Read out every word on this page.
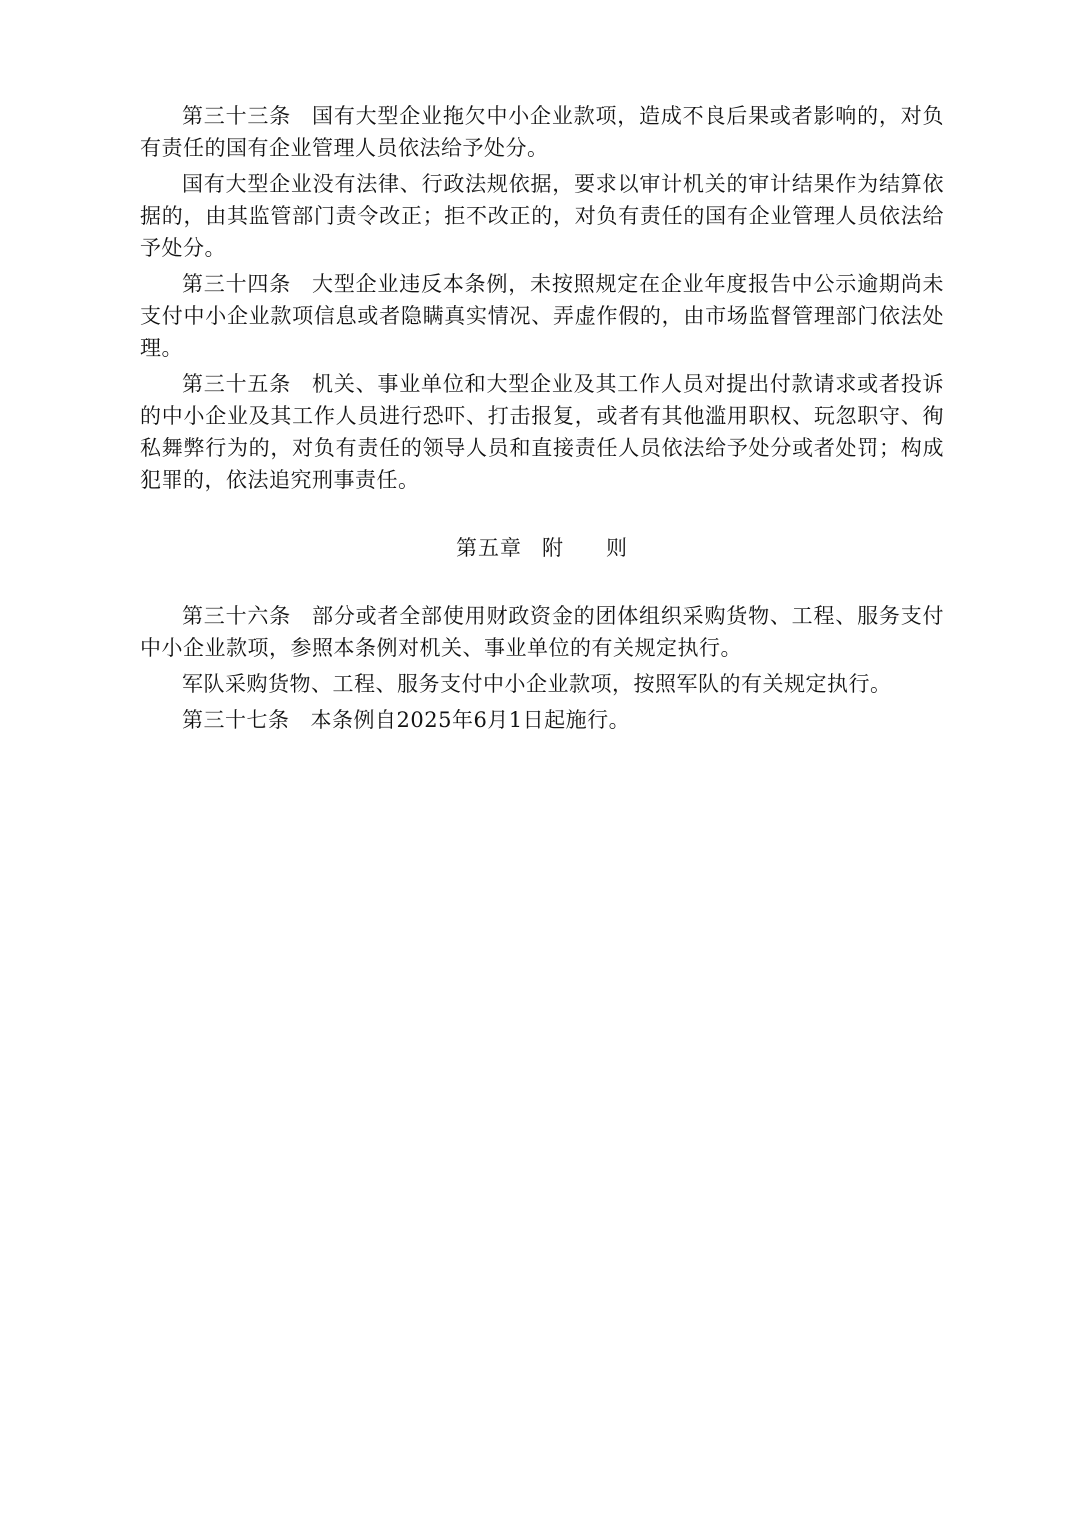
第三十三条 国有大型企业拖欠中小企业款项，造成不良后果或者影响的，对负有责任的国有企业管理人员依法给予处分。

国有大型企业没有法律、行政法规依据，要求以审计机关的审计结果作为结算依据的，由其监管部门责令改正；拒不改正的，对负有责任的国有企业管理人员依法给予处分。

第三十四条 大型企业违反本条例，未按照规定在企业年度报告中公示逾期尚未支付中小企业款项信息或者隐瞒真实情况、弄虚作假的，由市场监督管理部门依法处理。

第三十五条 机关、事业单位和大型企业及其工作人员对提出付款请求或者投诉的中小企业及其工作人员进行恐吓、打击报复，或者有其他滥用职权、玩忽职守、徇私舞弊行为的，对负有责任的领导人员和直接责任人员依法给予处分或者处罚；构成犯罪的，依法追究刑事责任。

第五章 附 则

第三十六条 部分或者全部使用财政资金的团体组织采购货物、工程、服务支付中小企业款项，参照本条例对机关、事业单位的有关规定执行。

军队采购货物、工程、服务支付中小企业款项，按照军队的有关规定执行。

第三十七条 本条例自2025年6月1日起施行。
